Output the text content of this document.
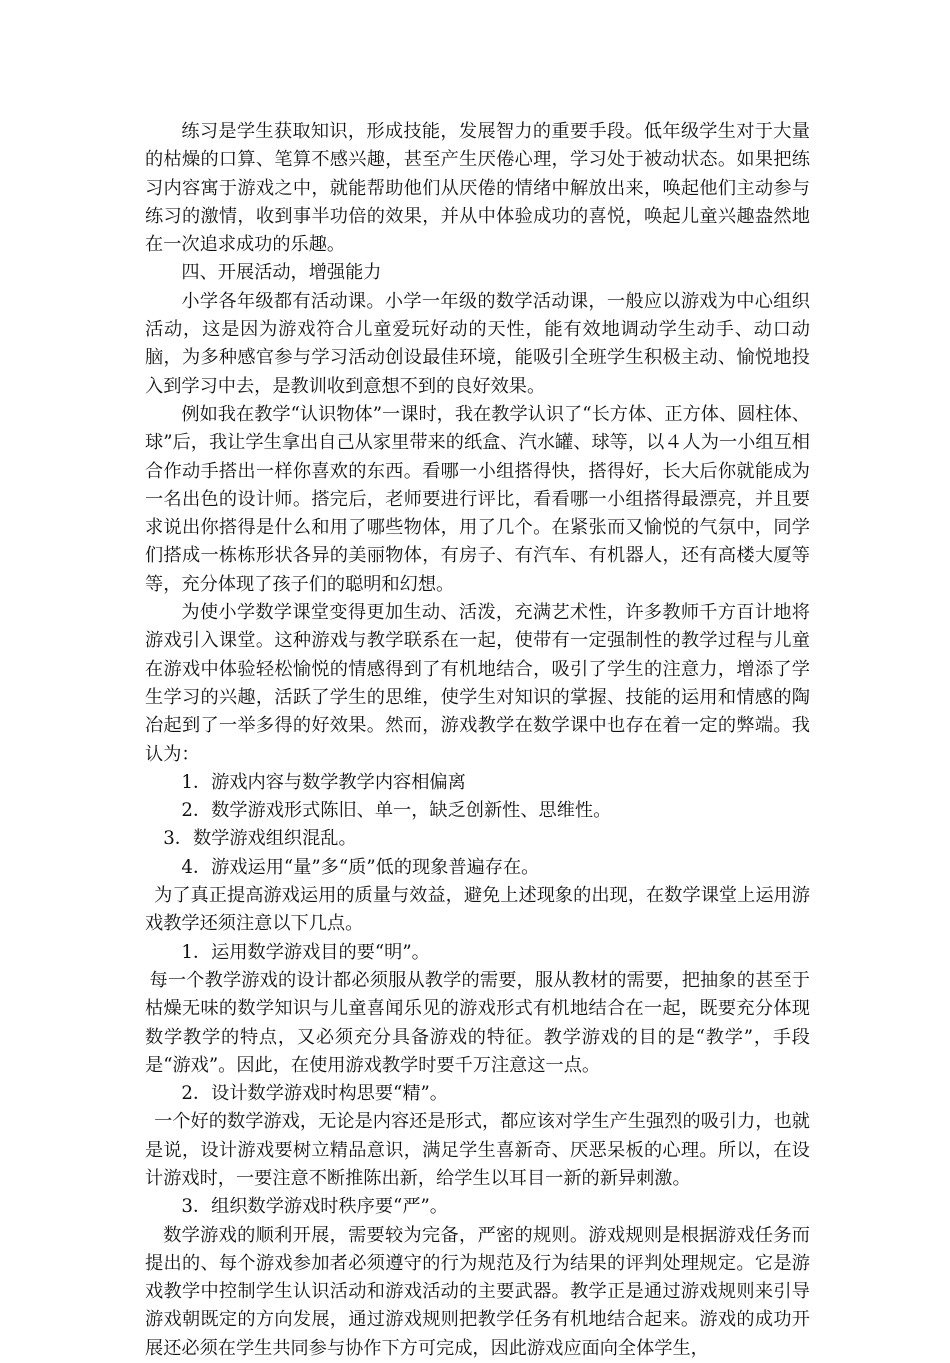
练习是学生获取知识，形成技能，发展智力的重要手段。低年级学生对于大量的枯燥的口算、笔算不感兴趣，甚至产生厌倦心理，学习处于被动状态。如果把练习内容寓于游戏之中，就能帮助他们从厌倦的情绪中解放出来，唤起他们主动参与练习的激情，收到事半功倍的效果，并从中体验成功的喜悦，唤起儿童兴趣盎然地在一次追求成功的乐趣。

四、开展活动，增强能力

小学各年级都有活动课。小学一年级的数学活动课，一般应以游戏为中心组织活动，这是因为游戏符合儿童爱玩好动的天性，能有效地调动学生动手、动口动脑，为多种感官参与学习活动创设最佳环境，能吸引全班学生积极主动、愉悦地投入到学习中去，是教训收到意想不到的良好效果。

例如我在教学“认识物体”一课时，我在教学认识了“长方体、正方体、圆柱体、球”后，我让学生拿出自己从家里带来的纸盒、汽水罐、球等，以４人为一小组互相合作动手搭出一样你喜欢的东西。看哪一小组搭得快，搭得好，长大后你就能成为一名出色的设计师。搭完后，老师要进行评比，看看哪一小组搭得最漂亮，并且要求说出你搭得是什么和用了哪些物体，用了几个。在紧张而又愉悦的气氛中，同学们搭成一栋栋形状各异的美丽物体，有房子、有汽车、有机器人，还有高楼大厦等等，充分体现了孩子们的聪明和幻想。

为使小学数学课堂变得更加生动、活泼，充满艺术性，许多教师千方百计地将游戏引入课堂。这种游戏与教学联系在一起，使带有一定强制性的教学过程与儿童在游戏中体验轻松愉悦的情感得到了有机地结合，吸引了学生的注意力，增添了学生学习的兴趣，活跃了学生的思维，使学生对知识的掌握、技能的运用和情感的陶冶起到了一举多得的好效果。然而，游戏教学在数学课中也存在着一定的弊端。我认为：

1．游戏内容与数学教学内容相偏离

2．数学游戏形式陈旧、单一，缺乏创新性、思维性。

3．数学游戏组织混乱。

4．游戏运用“量”多“质”低的现象普遍存在。

为了真正提高游戏运用的质量与效益，避免上述现象的出现，在数学课堂上运用游戏教学还须注意以下几点。

1．运用数学游戏目的要“明”。

每一个教学游戏的设计都必须服从教学的需要，服从教材的需要，把抽象的甚至于枯燥无味的数学知识与儿童喜闻乐见的游戏形式有机地结合在一起，既要充分体现数学教学的特点，又必须充分具备游戏的特征。教学游戏的目的是“教学”，手段是“游戏”。因此，在使用游戏教学时要千万注意这一点。

2．设计数学游戏时构思要“精”。

一个好的数学游戏，无论是内容还是形式，都应该对学生产生强烈的吸引力，也就是说，设计游戏要树立精品意识，满足学生喜新奇、厌恶呆板的心理。所以，在设计游戏时，一要注意不断推陈出新，给学生以耳目一新的新异刺激。

3．组织数学游戏时秩序要“严”。

数学游戏的顺利开展，需要较为完备，严密的规则。游戏规则是根据游戏任务而提出的、每个游戏参加者必须遵守的行为规范及行为结果的评判处理规定。它是游戏教学中控制学生认识活动和游戏活动的主要武器。教学正是通过游戏规则来引导游戏朝既定的方向发展，通过游戏规则把教学任务有机地结合起来。游戏的成功开展还必须在学生共同参与协作下方可完成，因此游戏应面向全体学生，
